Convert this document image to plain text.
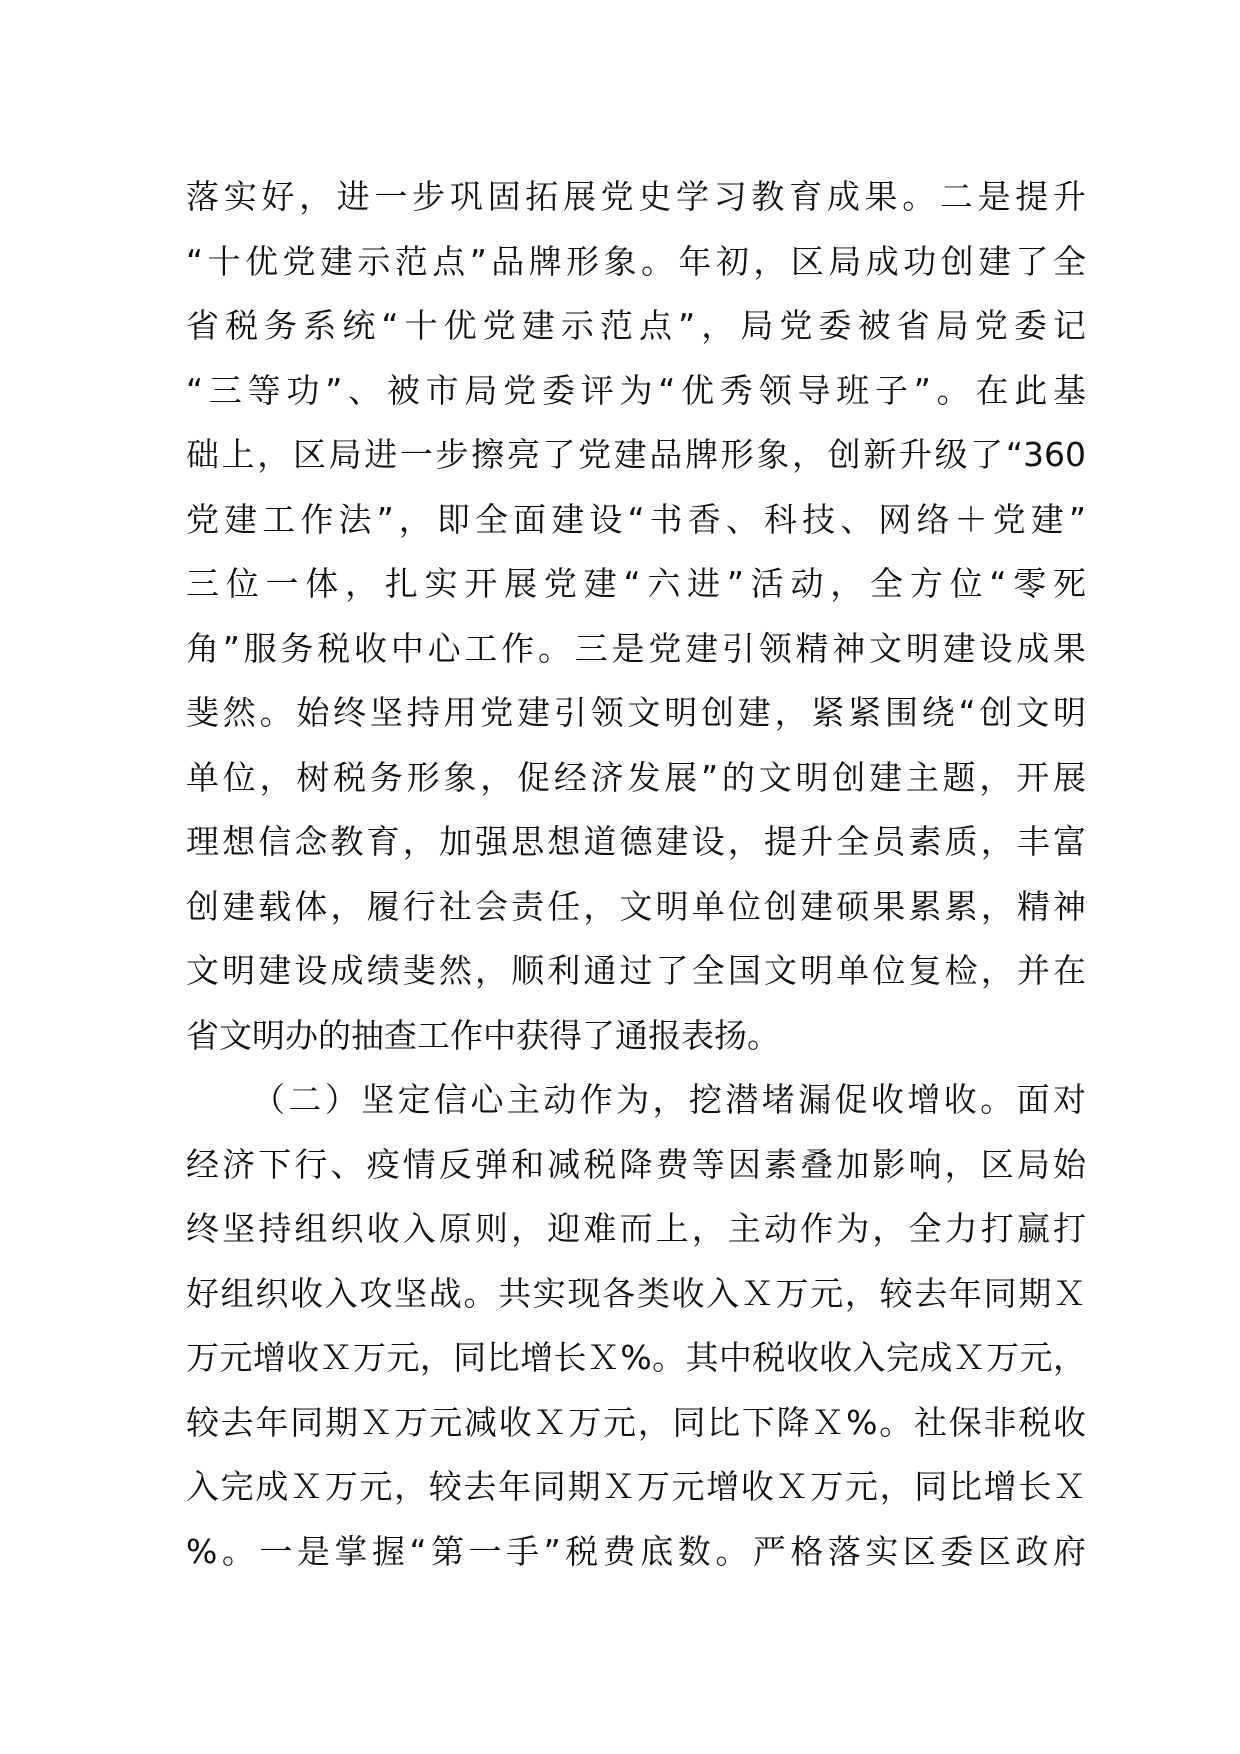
落实好，进一步巩固拓展党史学习教育成果。二是提升
“十优党建示范点”品牌形象。年初，区局成功创建了全
省税务系统“十优党建示范点”，局党委被省局党委记
“三等功”、被市局党委评为“优秀领导班子”。在此基
础上，区局进一步擦亮了党建品牌形象，创新升级了“360
党建工作法”，即全面建设“书香、科技、网络＋党建”
三位一体，扎实开展党建“六进”活动，全方位“零死
角”服务税收中心工作。三是党建引领精神文明建设成果
斐然。始终坚持用党建引领文明创建，紧紧围绕“创文明
单位，树税务形象，促经济发展”的文明创建主题，开展
理想信念教育，加强思想道德建设，提升全员素质，丰富
创建载体，履行社会责任，文明单位创建硕果累累，精神
文明建设成绩斐然，顺利通过了全国文明单位复检，并在
省文明办的抽查工作中获得了通报表扬。
（二）坚定信心主动作为，挖潜堵漏促收增收。面对
经济下行、疫情反弹和减税降费等因素叠加影响，区局始
终坚持组织收入原则，迎难而上，主动作为，全力打赢打
好组织收入攻坚战。共实现各类收入Ｘ万元，较去年同期Ｘ
万元增收Ｘ万元，同比增长Ｘ%。其中税收收入完成Ｘ万元，
较去年同期Ｘ万元减收Ｘ万元，同比下降Ｘ%。社保非税收
入完成Ｘ万元，较去年同期Ｘ万元增收Ｘ万元，同比增长Ｘ
%。一是掌握“第一手”税费底数。严格落实区委区政府
